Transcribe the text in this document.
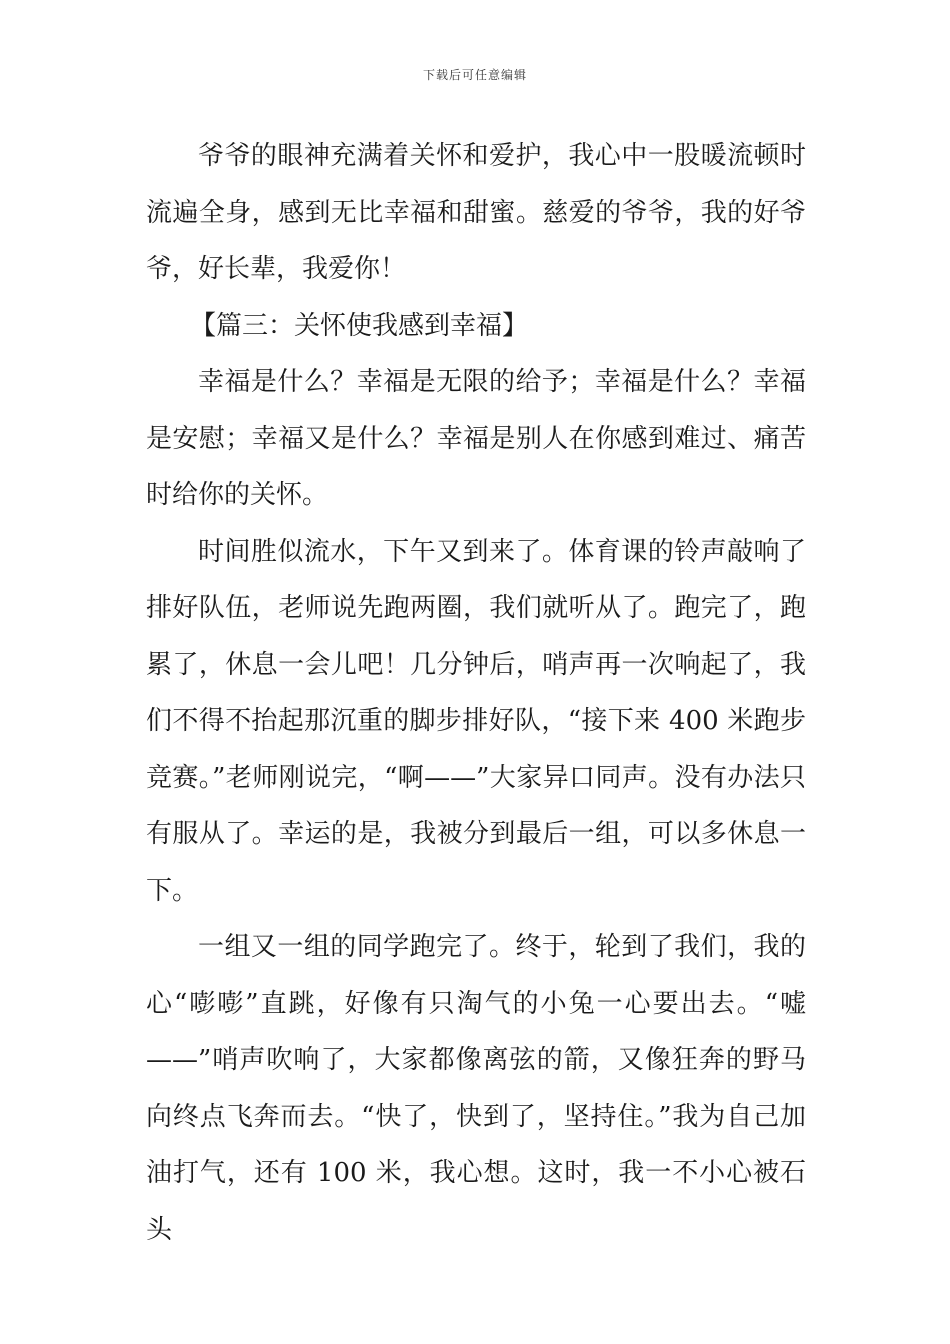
下载后可任意编辑

爷爷的眼神充满着关怀和爱护，我心中一股暖流顿时流遍全身，感到无比幸福和甜蜜。慈爱的爷爷，我的好爷爷，好长辈，我爱你！

【篇三：关怀使我感到幸福】

幸福是什么？幸福是无限的给予；幸福是什么？幸福是安慰；幸福又是什么？幸福是别人在你感到难过、痛苦时给你的关怀。

时间胜似流水，下午又到来了。体育课的铃声敲响了排好队伍，老师说先跑两圈，我们就听从了。跑完了，跑累了，休息一会儿吧！几分钟后，哨声再一次响起了，我们不得不抬起那沉重的脚步排好队，“接下来 400 米跑步竞赛。”老师刚说完，“啊——”大家异口同声。没有办法只有服从了。幸运的是，我被分到最后一组，可以多休息一下。

一组又一组的同学跑完了。终于，轮到了我们，我的心“嘭嘭”直跳，好像有只淘气的小兔一心要出去。“嘘——”哨声吹响了，大家都像离弦的箭，又像狂奔的野马向终点飞奔而去。“快了，快到了，坚持住。”我为自己加油打气，还有 100 米，我心想。这时，我一不小心被石头
